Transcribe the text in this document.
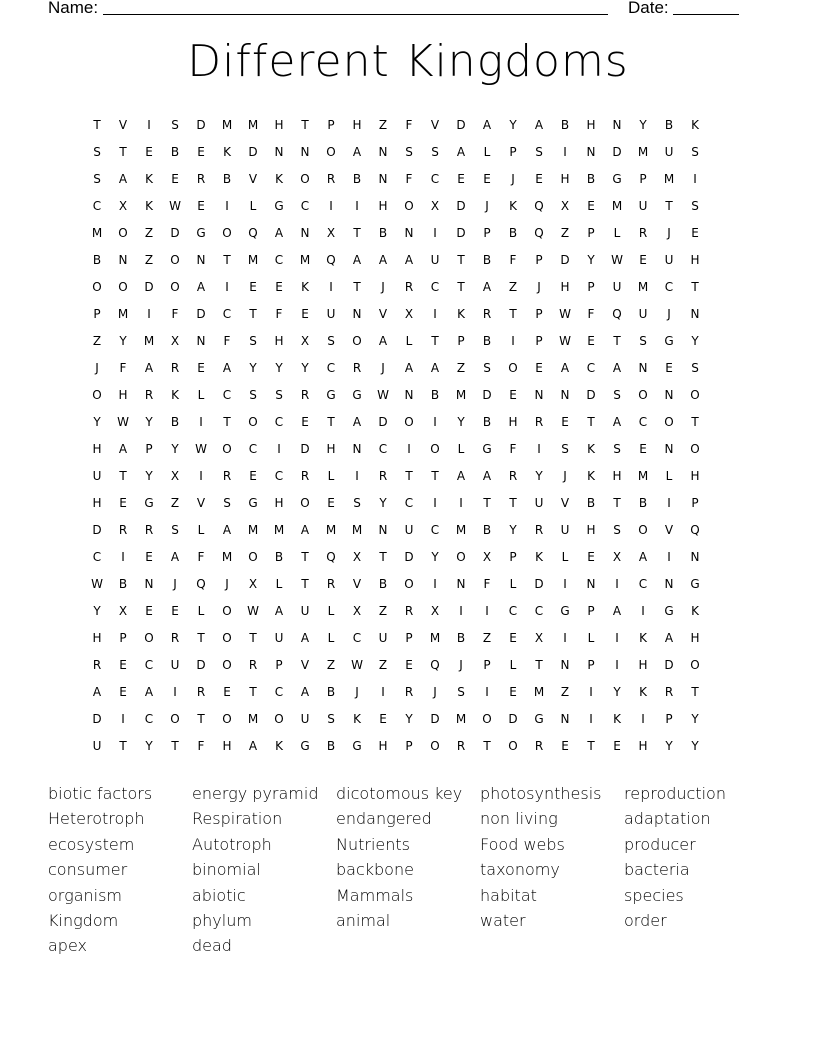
Name:	Date:
Different Kingdoms
T	V	I	S	D	M	M	H	T	P	H	Z	F	V	D	A	Y	A	B	H	N	Y	B	K
S	T	E	B	E	K	D	N	N	O	A	N	S	S	A	L	P	S	I	N	D	M	U	S
S	A	K	E	R	B	V	K	O	R	B	N	F	C	E	E	J	E	H	B	G	P	M	I
C	X	K	W	E	I	L	G	C	I	I	H	O	X	D	J	K	Q	X	E	M	U	T	S
M	O	Z	D	G	O	Q	A	N	X	T	B	N	I	D	P	B	Q	Z	P	L	R	J	E
B	N	Z	O	N	T	M	C	M	Q	A	A	A	U	T	B	F	P	D	Y	W	E	U	H
O	O	D	O	A	I	E	E	K	I	T	J	R	C	T	A	Z	J	H	P	U	M	C	T
P	M	I	F	D	C	T	F	E	U	N	V	X	I	K	R	T	P	W	F	Q	U	J	N
Z	Y	M	X	N	F	S	H	X	S	O	A	L	T	P	B	I	P	W	E	T	S	G	Y
J	F	A	R	E	A	Y	Y	Y	C	R	J	A	A	Z	S	O	E	A	C	A	N	E	S
O	H	R	K	L	C	S	S	R	G	G	W	N	B	M	D	E	N	N	D	S	O	N	O
Y	W	Y	B	I	T	O	C	E	T	A	D	O	I	Y	B	H	R	E	T	A	C	O	T
H	A	P	Y	W	O	C	I	D	H	N	C	I	O	L	G	F	I	S	K	S	E	N	O
U	T	Y	X	I	R	E	C	R	L	I	R	T	T	A	A	R	Y	J	K	H	M	L	H
H	E	G	Z	V	S	G	H	O	E	S	Y	C	I	I	T	T	U	V	B	T	B	I	P
D	R	R	S	L	A	M	M	A	M	M	N	U	C	M	B	Y	R	U	H	S	O	V	Q
C	I	E	A	F	M	O	B	T	Q	X	T	D	Y	O	X	P	K	L	E	X	A	I	N
W	B	N	J	Q	J	X	L	T	R	V	B	O	I	N	F	L	D	I	N	I	C	N	G
Y	X	E	E	L	O	W	A	U	L	X	Z	R	X	I	I	C	C	G	P	A	I	G	K
H	P	O	R	T	O	T	U	A	L	C	U	P	M	B	Z	E	X	I	L	I	K	A	H
R	E	C	U	D	O	R	P	V	Z	W	Z	E	Q	J	P	L	T	N	P	I	H	D	O
A	E	A	I	R	E	T	C	A	B	J	I	R	J	S	I	E	M	Z	I	Y	K	R	T
D	I	C	O	T	O	M	O	U	S	K	E	Y	D	M	O	D	G	N	I	K	I	P	Y
U	T	Y	T	F	H	A	K	G	B	G	H	P	O	R	T	O	R	E	T	E	H	Y	Y
biotic factors	energy pyramid	dicotomous key	photosynthesis	reproduction
Heterotroph	Respiration	endangered	non living	adaptation
ecosystem	Autotroph	Nutrients	Food webs	producer
consumer	binomial	backbone	taxonomy	bacteria
organism	abiotic	Mammals	habitat	species
Kingdom	phylum	animal	water	order
apex	dead
